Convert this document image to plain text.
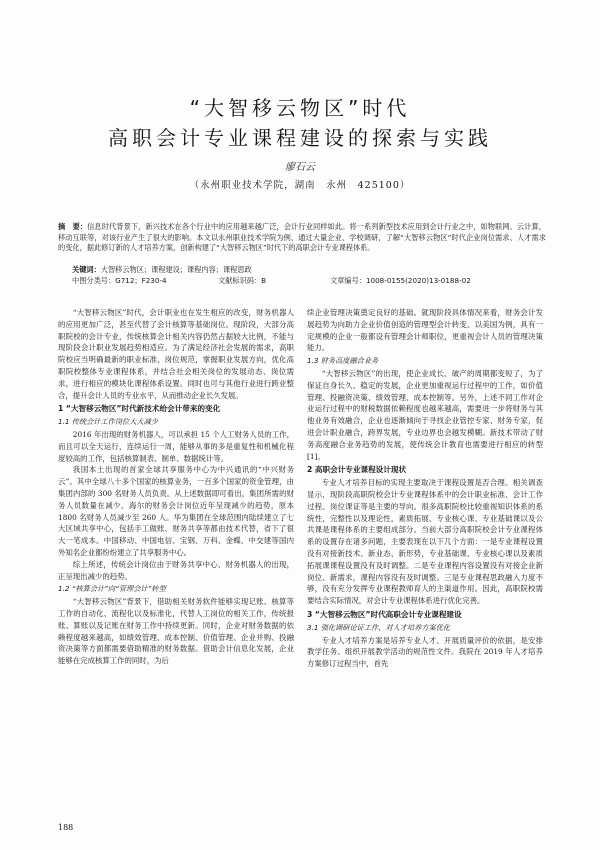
“大智移云物区”时代
高职会计专业课程建设的探索与实践
廖石云
（永州职业技术学院，湖南　永州　425100）
摘　要：信息时代背景下，新兴技术在各个行业中的应用越来越广泛，会计行业同样如此。将一系列新型技术应用到会计行业之中，如物联网、云计算，移动互联等，对该行业产生了很大的影响。本文以永州职业技术学院为例，通过大量企业、学校调研，了解“大智移云物区”时代企业岗位需求、人才需求的变化，据此修订新的人才培养方案，创新构建了“大智移云物区”时代下的高职会计专业课程体系。
关键词：大智移云物区；课程建设；课程内容；课程思政
中图分类号：G712；F230-4	文献标识码：B	文章编号：1008-0155(2020)13-0188-02

“大智移云物区”时代，会计职业也在发生相应的改变，财务机器人的应用更加广泛，甚至代替了会计核算等基础岗位。现阶段，大部分高职院校的会计专业，传统核算会计相关内容仍然占据较大比例，不能与现阶段会计职业发展趋势相适应。为了满足经济社会发展的需求，高职院校应当明确最新的职业标准、岗位规范，掌握职业发展方向，优化高职院校整体专业课程体系，并结合社会相关岗位的发展动态、岗位需求，进行相应的模块化课程体系设置。同时也可与其他行业进行跨业整合，提升会计人员的专业水平，从而推动企业长久发展。

1 “大智移云物区”时代新技术给会计带来的变化
1.1 传统会计工作岗位大大减少

2016 年出现的财务机器人，可以承担 15 个人工财务人员的工作，而且可以全天运行，连续运行一周，能够从事的多是重复性和机械化程度较高的工作，包括核算制表、制单、数据统计等。

我国本土出现的首家全球共享服务中心为中兴通讯的“中兴财务云”。其中全球八十多个国家的核算业务，一百多个国家的资金管理，由集团内部的 300 名财务人员负责。从上述数据即可看出，集团所需的财务人员数量在减少。海尔的财务会计岗位近年呈现减少的趋势，原本 1800 名财务人员减少至 260 人。华为集团在全球范围内陆续建立了七大区域共享中心，包括手工做账、财务共享等都由技术代替，省下了很大一笔成本。中国移动、中国电信、宝钢、万科、金蝶、中交建等国内外知名企业都纷纷建立了共享服务中心。

综上所述，传统会计岗位由于财务共享中心、财务机器人的出现，正呈现出减少的趋势。

1.2 “核算会计”向“管理会计”转型

“大智移云物区”背景下，借助相关财务软件能够实现记账、核算等工作的自动化、流程化以及标准化，代替人工岗位的相关工作，传统报账、算账以及记账在财务工作中持续更新。同时，企业对财务数据的依赖程度越来越高，如绩效管理、成本控制、价值管理、企业并购、投融资决策等方面都需要借助精准的财务数据。借助会计信息化发展，企业能够在完成核算工作的同时，为后

续企业管理决策奠定良好的基础。就现阶段具体情况来看，财务会计发展趋势为向助力企业价值创造的管理型会计转变。以美国为例，具有一定规模的企业一般都设有管理会计师职位，更重视会计人员的管理决策能力。

1.3 财务高度融合业务

“大智移云物区”的出现，使企业成长、破产的周期都变短了，为了保证自身长久、稳定的发展，企业更加重视运行过程中的工作，如价值管理、投融资决策、绩效管理、成本控制等。另外，上述不同工作对企业运行过程中的财税数据依赖程度也越来越高，需要进一步将财务与其他业务有效融合，企业也逐渐倾向于寻找企业管控专家、财务专家，促进会计职业融合，跨界发展，专业边界也会越发模糊。新技术带动了财务高度融合业务趋势的发展，使传统会计教育也需要进行相应的转型[1]。

2 高职会计专业课程设计现状

专业人才培养目标的实现主要取决于课程设置是否合理。相关调查显示，现阶段高职院校会计专业课程体系中的会计职业标准、会计工作过程、岗位课证等是主要的导向。很多高职院校比较重视知识体系的系统性，完整性以及理论性，素质拓展、专业核心课、专业基础课以及公共课是课程体系的主要组成部分。当前大部分高职院校会计专业课程体系的设置存在诸多问题，主要表现在以下几个方面：一是专业课程设置没有对接新技术、新业态、新形势，专业基础课、专业核心课以及素质拓展课课程设置没有及时调整。二是专业课程内容设置没有对接企业新岗位、新需求，课程内容没有及时调整。三是专业课程思政融入力度不够，没有充分发挥专业课程教师育人的主渠道作用。因此，高职院校需要结合实际情况，对会计专业课程体系进行优化完善。

3 “大智移云物区”时代高职会计专业课程建设
3.1 强化调研论证工作，对人才培养方案优化

专业人才培养方案是培养专业人才、开展质量评价的依据，是安排教学任务、组织开展教学活动的规范性文件。我院在 2019 年人才培养方案修订过程当中，首先

188
